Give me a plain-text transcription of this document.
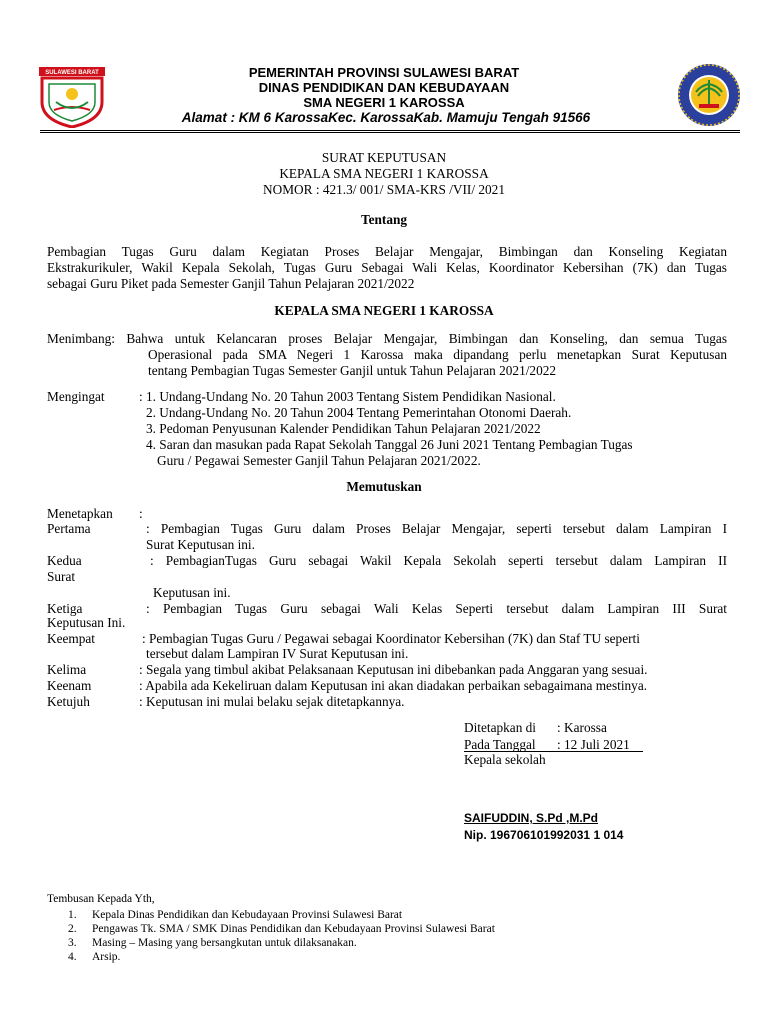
SULAWESI BARAT	PEMERINTAH PROVINSI SULAWESI BARAT
DINAS PENDIDIKAN DAN KEBUDAYAAN
SMA NEGERI 1 KAROSSA
Alamat : KM 6 KarossaKec. KarossaKab. Mamuju Tengah 91566
SURAT KEPUTUSAN
KEPALA SMA NEGERI 1 KAROSSA
NOMOR : 421.3/ 001/ SMA-KRS /VII/ 2021
Tentang
Pembagian Tugas Guru dalam Kegiatan Proses Belajar Mengajar, Bimbingan dan Konseling Kegiatan
Ekstrakurikuler, Wakil Kepala Sekolah, Tugas Guru Sebagai Wali Kelas, Koordinator Kebersihan (7K) dan Tugas
sebagai Guru Piket pada Semester Ganjil Tahun Pelajaran 2021/2022
KEPALA SMA NEGERI 1 KAROSSA
Menimbang: Bahwa untuk Kelancaran proses Belajar Mengajar, Bimbingan dan Konseling, dan semua Tugas
Operasional pada SMA Negeri 1 Karossa maka dipandang perlu menetapkan Surat Keputusan
tentang Pembagian Tugas Semester Ganjil untuk Tahun Pelajaran 2021/2022
Mengingat	: 1. Undang-Undang No. 20 Tahun 2003 Tentang Sistem Pendidikan Nasional.
2. Undang-Undang No. 20 Tahun 2004 Tentang Pemerintahan Otonomi Daerah.
3. Pedoman Penyusunan Kalender Pendidikan Tahun Pelajaran 2021/2022
4. Saran dan masukan pada Rapat Sekolah Tanggal 26 Juni 2021 Tentang Pembagian Tugas
Guru / Pegawai Semester Ganjil Tahun Pelajaran 2021/2022.
Memutuskan
Menetapkan :
Pertama	: Pembagian Tugas Guru dalam Proses Belajar Mengajar, seperti tersebut dalam Lampiran I
Surat Keputusan ini.
Kedua	: PembagianTugas Guru sebagai Wakil Kepala Sekolah seperti tersebut dalam Lampiran II
Surat
Keputusan ini.
Ketiga	: Pembagian Tugas Guru sebagai Wali Kelas Seperti tersebut dalam Lampiran III Surat
Keputusan Ini.
Keempat	: Pembagian Tugas Guru / Pegawai sebagai Koordinator Kebersihan (7K) dan Staf TU seperti
tersebut dalam Lampiran IV Surat Keputusan ini.
Kelima	: Segala yang timbul akibat Pelaksanaan Keputusan ini dibebankan pada Anggaran yang sesuai.
Keenam	: Apabila ada Kekeliruan dalam Keputusan ini akan diadakan perbaikan sebagaimana mestinya.
Ketujuh	: Keputusan ini mulai belaku sejak ditetapkannya.
Ditetapkan di : Karossa
Pada Tanggal : 12 Juli 2021
Kepala sekolah
SAIFUDDIN, S.Pd ,M.Pd
Nip. 196706101992031 1 014
Tembusan Kepada Yth,
1. Kepala Dinas Pendidikan dan Kebudayaan Provinsi Sulawesi Barat
2. Pengawas Tk. SMA / SMK Dinas Pendidikan dan Kebudayaan Provinsi Sulawesi Barat
3. Masing – Masing yang bersangkutan untuk dilaksanakan.
4. Arsip.
